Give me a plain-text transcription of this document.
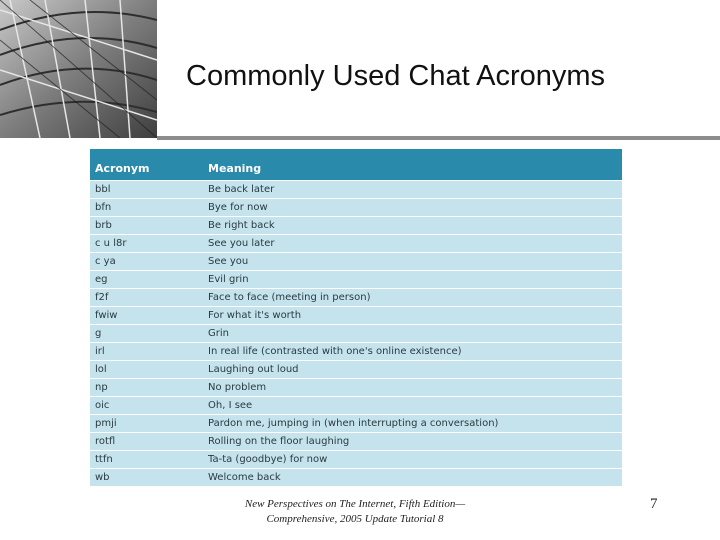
Commonly Used Chat Acronyms
Acronym	Meaning
bbl	Be back later
bfn	Bye for now
brb	Be right back
c u l8r	See you later
c ya	See you
eg	Evil grin
f2f	Face to face (meeting in person)
fwiw	For what it's worth
g	Grin
irl	In real life (contrasted with one's online existence)
lol	Laughing out loud
np	No problem
oic	Oh, I see
pmji	Pardon me, jumping in (when interrupting a conversation)
rotfl	Rolling on the floor laughing
ttfn	Ta-ta (goodbye) for now
wb	Welcome back
New Perspectives on The Internet, Fifth Edition—
Comprehensive, 2005 Update Tutorial 8
7
